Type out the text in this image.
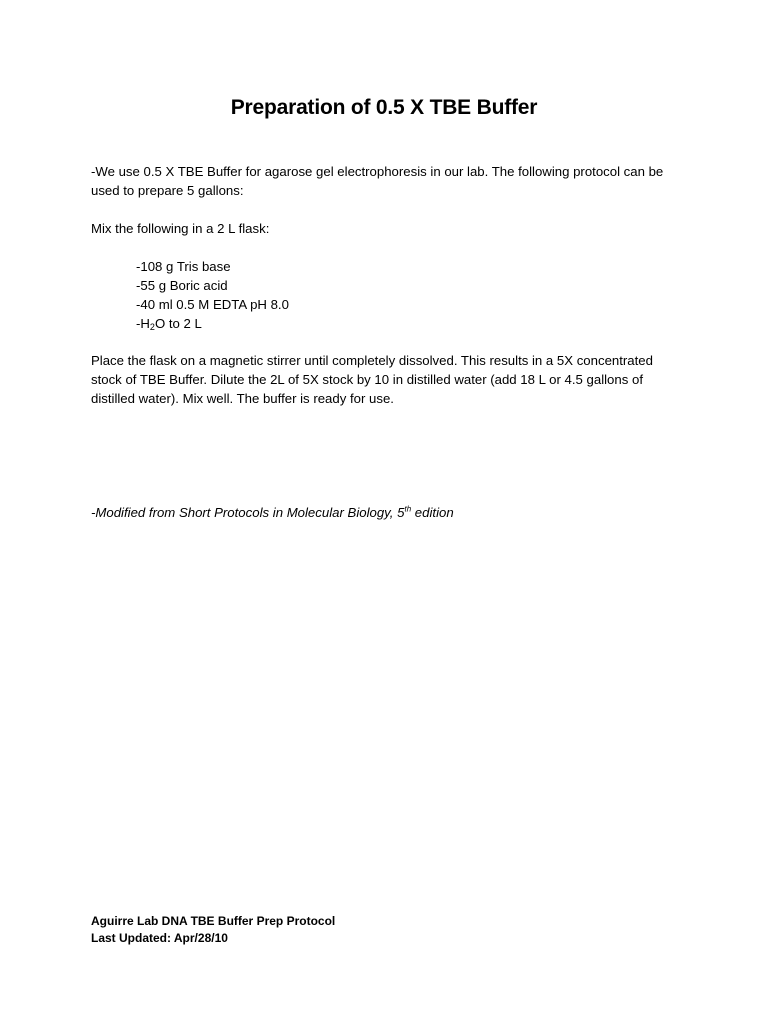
Preparation of 0.5 X TBE Buffer
-We use 0.5 X TBE Buffer for agarose gel electrophoresis in our lab. The following protocol can be used to prepare 5 gallons:
Mix the following in a 2 L flask:
-108 g Tris base
-55 g Boric acid
-40 ml 0.5 M EDTA pH 8.0
$-H_2O$ to 2 L
Place the flask on a magnetic stirrer until completely dissolved. This results in a 5X concentrated stock of TBE Buffer. Dilute the 2L of 5X stock by 10 in distilled water (add 18 L or 4.5 gallons of distilled water). Mix well. The buffer is ready for use.
-Modified from Short Protocols in Molecular Biology, 5th edition
Aguirre Lab DNA TBE Buffer Prep Protocol
Last Updated: Apr/28/10
